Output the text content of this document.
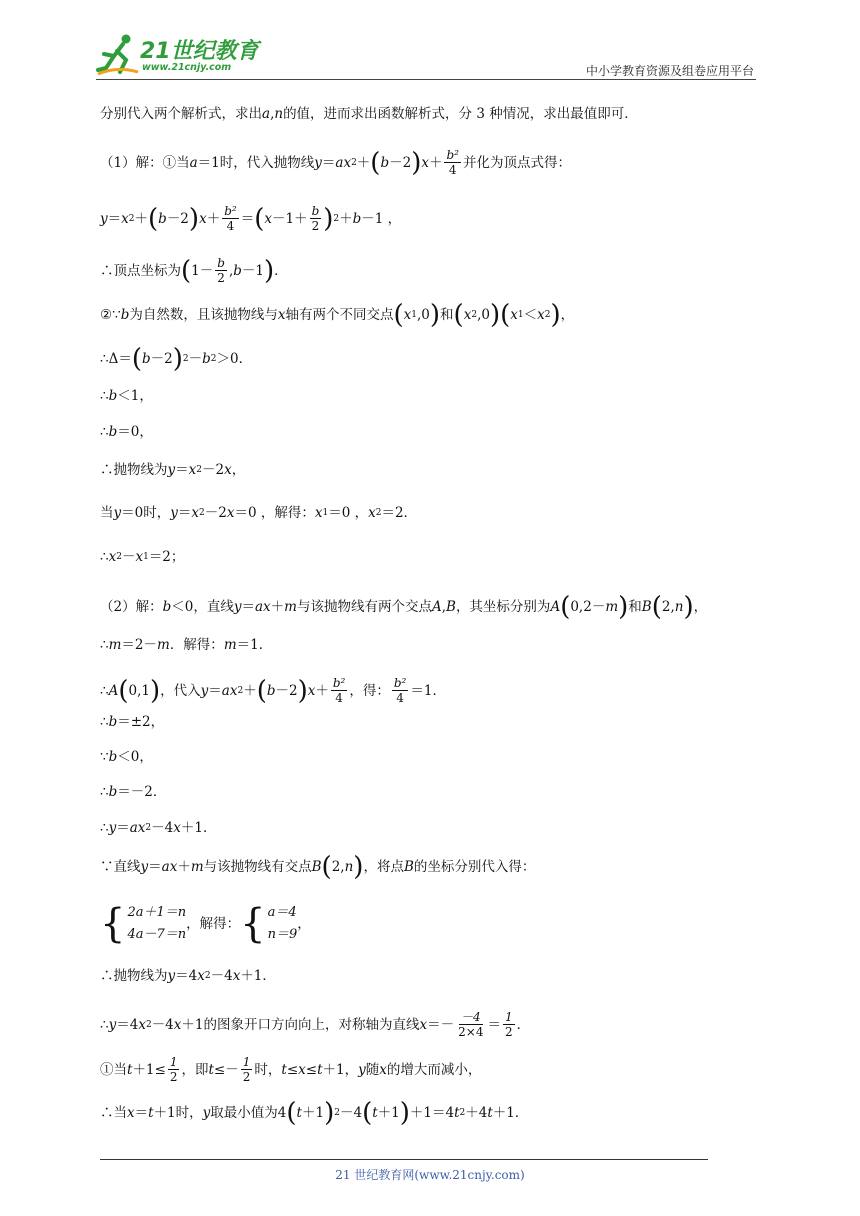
21世纪教育
www.21cnjy.com	中小学教育资源及组卷应用平台
分别代入两个解析式，求出 a , n 的值，进而求出函数解析式，分 3 种情况，求出最值即可．
（1）解：①当 a ＝1时，代入抛物线 y ＝ ax 2 ＋ ( b －2 ) $x + \frac{\text{b²}}{4}$ 并化为顶点式得：
y ＝ x 2 ＋ ( b －2 ) $x + \frac{\text{b²}}{4}$ ＝ ( $x -1+ \frac{b}{2}$ ) 2 ＋ b －1 ，
∴顶点坐标为 ( $1- \frac{b}{2}$ , b －1 ) ．
②∵ b 为自然数，且该抛物线与 x 轴有两个不同交点 ( x 1 ,0 ) 和 ( x 2 ,0 ) ( x 1 ＜ x 2 ) ，
∴Δ＝ ( b －2 ) 2 － b 2 ＞0．
∴ b ＜1，
∴ b ＝0，
∴抛物线为 y ＝ x 2 －2 x ，
当 y ＝0时， y ＝ x 2 －2 x ＝0 ，解得： x 1 ＝0 ， x 2 ＝2．
∴ x 2 － x 1 ＝2；
（2）解： b ＜0，直线 y ＝ ax ＋ m 与该抛物线有两个交点 A , B ，其坐标分别为 A ( 0,2－ m ) 和 B ( 2, n ) ，
∴ m ＝2－ m ．解得： m ＝1．
∴ A ( 0,1 ) ，代入 y ＝ ax 2 ＋ ( b －2 ) $x + \frac{\text{b²}}{4}$ ，得： $\frac{\text{b²}}{4} =1$．
∴ b ＝±2，
∵ b ＜0，
∴ b ＝－2．
∴ y ＝ ax 2 －4 x ＋1．
∵直线 y ＝ ax ＋ m 与该抛物线有交点 B ( 2, n ) ，将点 B 的坐标分别代入得：
{ 2a＋1＝n
4a－7＝n
，解得： { a＝4
n＝9
，
∴抛物线为 y ＝4 x 2 －4 x ＋1．
∴ y ＝4 x 2 －4 x ＋1的图象开口方向向上，对称轴为直线 $x =- \frac{-4}{2\times 4} = \frac{1}{2}$ ．
①当 $t +1\le \frac{1}{2}$ ，即 $t \le- \frac{1}{2}$ 时， t ≤ x ≤ t ＋1， y 随 x 的增大而减小，
∴当 x ＝ t ＋1时， y 取最小值为4 ( t ＋1 ) 2 －4 ( t ＋1 ) ＋1＝4 t 2 ＋4 t ＋1．
21 世纪教育网(www.21cnjy.com)
